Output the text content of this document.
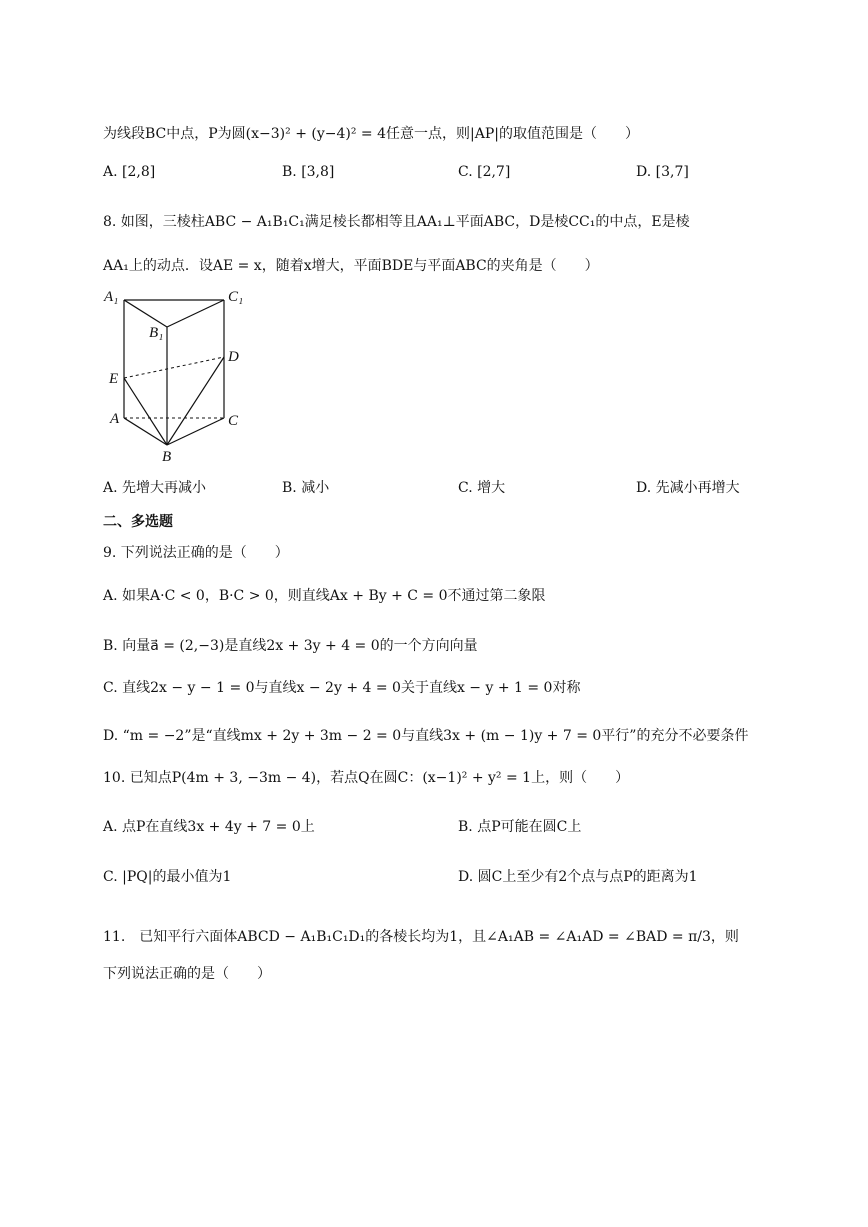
为线段BC中点，P为圆(x−3)² + (y−4)² = 4任意一点，则|AP|的取值范围是（　　）
A. [2,8]	B. [3,8]	C. [2,7]	D. [3,7]
8. 如图，三棱柱ABC − A₁B₁C₁满足棱长都相等且AA₁⊥平面ABC，D是棱CC₁的中点，E是棱
AA₁上的动点．设AE = x，随着x增大，平面BDE与平面ABC的夹角是（　　）
A₁	C₁
B₁
D
E
A	C
B
A. 先增大再减小	B. 减小	C. 增大	D. 先减小再增大
二、多选题
9. 下列说法正确的是（　　）
A. 如果A·C < 0，B·C > 0，则直线Ax + By + C = 0不通过第二象限
B. 向量a⃗ = (2,−3)是直线2x + 3y + 4 = 0的一个方向向量
C. 直线2x − y − 1 = 0与直线x − 2y + 4 = 0关于直线x − y + 1 = 0对称
D. “m = −2”是“直线mx + 2y + 3m − 2 = 0与直线3x + (m − 1)y + 7 = 0平行”的充分不必要条件
10. 已知点P(4m + 3, −3m − 4)，若点Q在圆C：(x−1)² + y² = 1上，则（　　）
A. 点P在直线3x + 4y + 7 = 0上	B. 点P可能在圆C上
C. |PQ|的最小值为1	D. 圆C上至少有2个点与点P的距离为1
11.　已知平行六面体ABCD − A₁B₁C₁D₁的各棱长均为1，且∠A₁AB = ∠A₁AD = ∠BAD = π/3，则
下列说法正确的是（　　）
